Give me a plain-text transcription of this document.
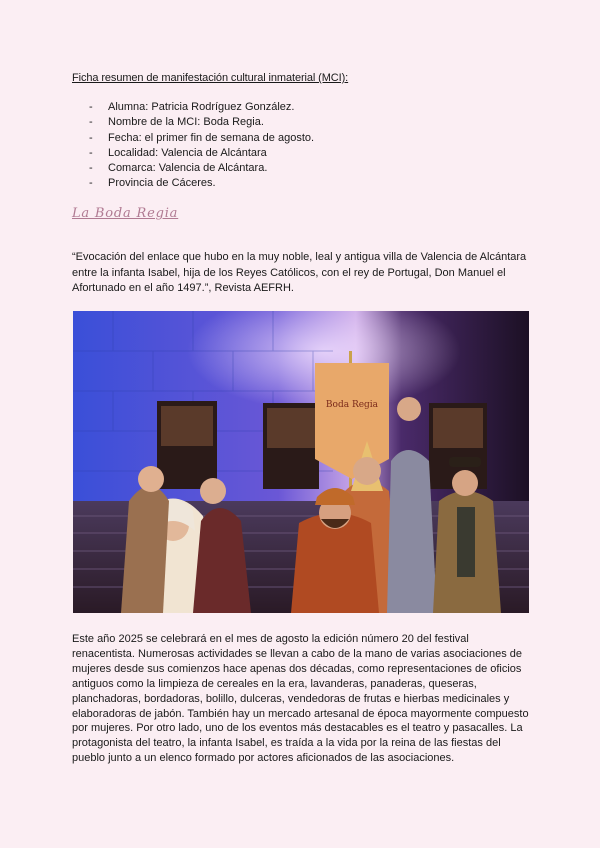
Ficha resumen de manifestación cultural inmaterial (MCI):
- Alumna: Patricia Rodríguez González.
- Nombre de la MCI: Boda Regia.
- Fecha: el primer fin de semana de agosto.
- Localidad: Valencia de Alcántara
- Comarca: Valencia de Alcántara.
- Provincia de Cáceres.
La Boda Regia
“Evocación del enlace que hubo en la muy noble, leal y antigua villa de Valencia de Alcántara entre la infanta Isabel, hija de los Reyes Católicos, con el rey de Portugal, Don Manuel el Afortunado en el año 1497.”, Revista AEFRH.
Boda Regia
Este año 2025 se celebrará en el mes de agosto la edición número 20 del festival renacentista. Numerosas actividades se llevan a cabo de la mano de varias asociaciones de mujeres desde sus comienzos hace apenas dos décadas, como representaciones de oficios antiguos como la limpieza de cereales en la era, lavanderas, panaderas, queseras, planchadoras, bordadoras, bolillo, dulceras, vendedoras de frutas e hierbas medicinales y elaboradoras de jabón. También hay un mercado artesanal de época mayormente compuesto por mujeres. Por otro lado, uno de los eventos más destacables es el teatro y pasacalles. La protagonista del teatro, la infanta Isabel, es traída a la vida por la reina de las fiestas del pueblo junto a un elenco formado por actores aficionados de las asociaciones.
